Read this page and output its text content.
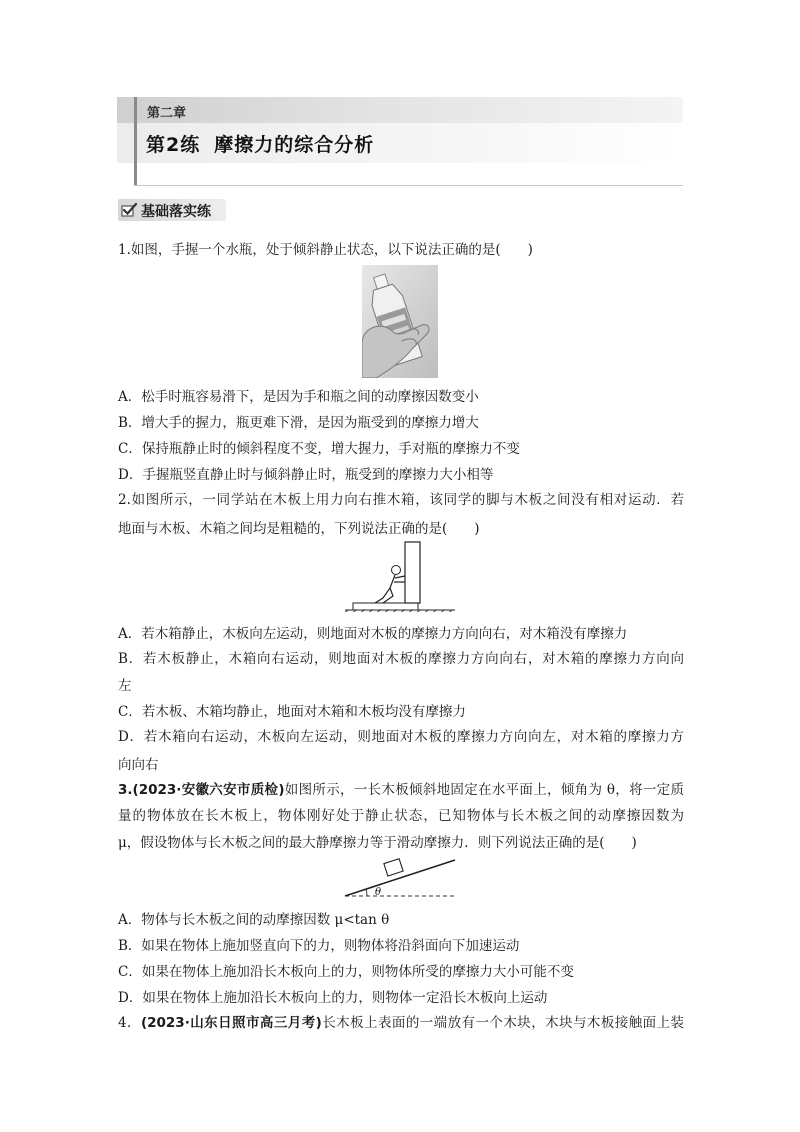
第二章
第2练 摩擦力的综合分析
基础落实练
1.如图，手握一个水瓶，处于倾斜静止状态，以下说法正确的是(　　)
A．松手时瓶容易滑下，是因为手和瓶之间的动摩擦因数变小
B．增大手的握力，瓶更难下滑，是因为瓶受到的摩擦力增大
C．保持瓶静止时的倾斜程度不变，增大握力，手对瓶的摩擦力不变
D．手握瓶竖直静止时与倾斜静止时，瓶受到的摩擦力大小相等
2.如图所示，一同学站在木板上用力向右推木箱，该同学的脚与木板之间没有相对运动．若
地面与木板、木箱之间均是粗糙的，下列说法正确的是(　　)
A．若木箱静止，木板向左运动，则地面对木板的摩擦力方向向右，对木箱没有摩擦力
B．若木板静止，木箱向右运动，则地面对木板的摩擦力方向向右，对木箱的摩擦力方向向
左
C．若木板、木箱均静止，地面对木箱和木板均没有摩擦力
D．若木箱向右运动，木板向左运动，则地面对木板的摩擦力方向向左，对木箱的摩擦力方
向向右
3.(2023·安徽六安市质检)如图所示，一长木板倾斜地固定在水平面上，倾角为 θ，将一定质
量的物体放在长木板上，物体刚好处于静止状态，已知物体与长木板之间的动摩擦因数为
μ，假设物体与长木板之间的最大静摩擦力等于滑动摩擦力．则下列说法正确的是(　　)
θ
A．物体与长木板之间的动摩擦因数 μ<tan θ
B．如果在物体上施加竖直向下的力，则物体将沿斜面向下加速运动
C．如果在物体上施加沿长木板向上的力，则物体所受的摩擦力大小可能不变
D．如果在物体上施加沿长木板向上的力，则物体一定沿长木板向上运动
4．(2023·山东日照市高三月考)长木板上表面的一端放有一个木块，木块与木板接触面上装
